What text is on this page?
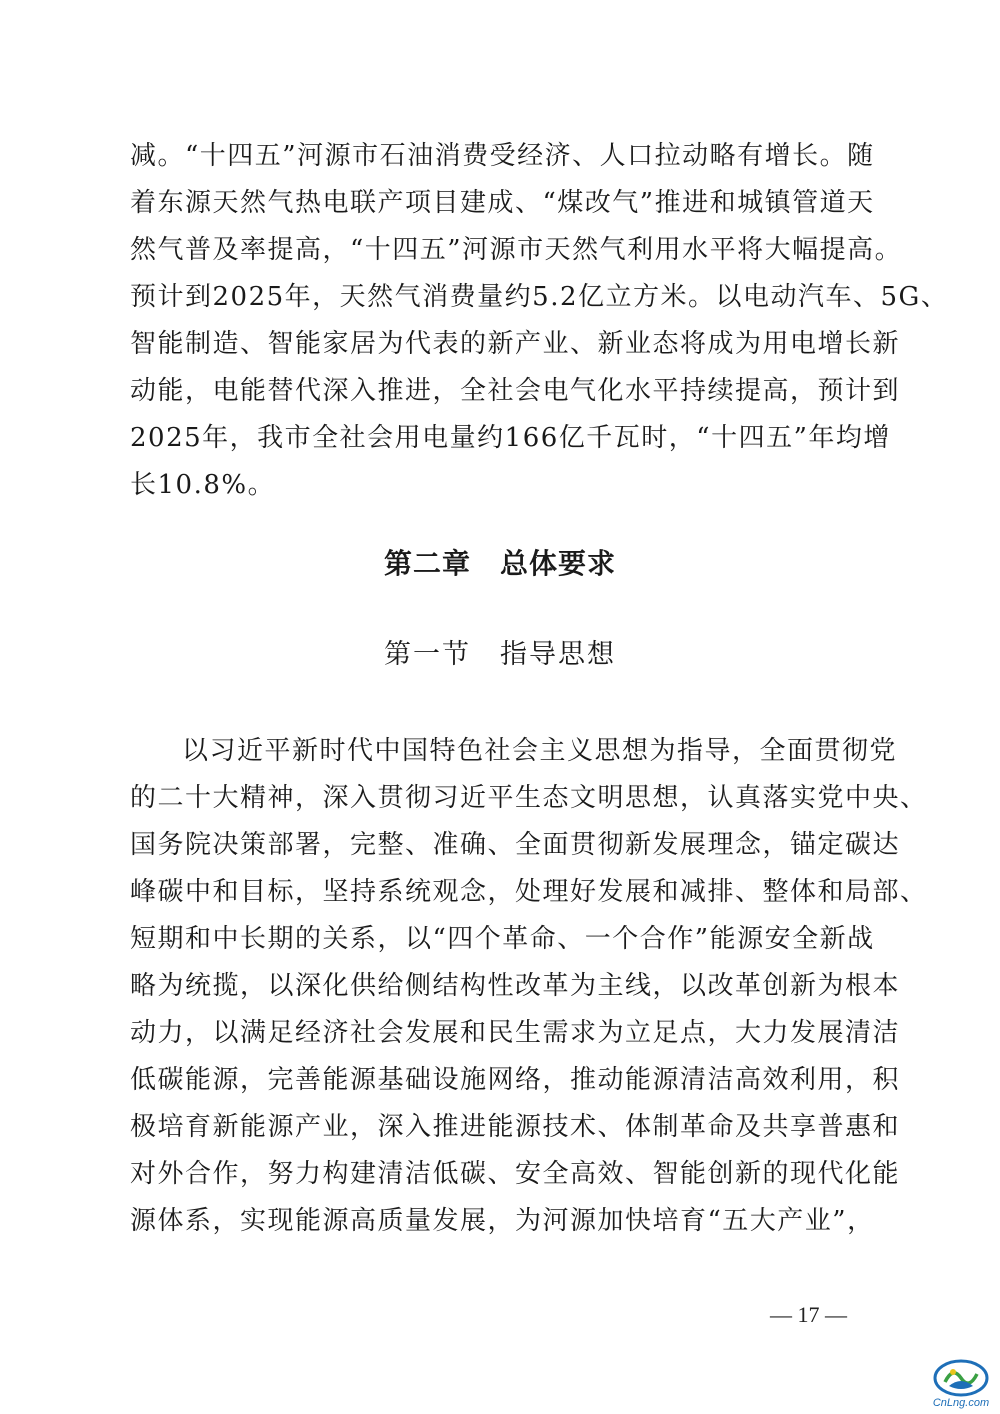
减。“十四五”河源市石油消费受经济、人口拉动略有增长。随
着东源天然气热电联产项目建成、“煤改气”推进和城镇管道天
然气普及率提高，“十四五”河源市天然气利用水平将大幅提高。
预计到2025年，天然气消费量约5.2亿立方米。以电动汽车、5G、
智能制造、智能家居为代表的新产业、新业态将成为用电增长新
动能，电能替代深入推进，全社会电气化水平持续提高，预计到
2025年，我市全社会用电量约166亿千瓦时，“十四五”年均增
长10.8%。
第二章　总体要求
第一节　指导思想
以习近平新时代中国特色社会主义思想为指导，全面贯彻党
的二十大精神，深入贯彻习近平生态文明思想，认真落实党中央、
国务院决策部署，完整、准确、全面贯彻新发展理念，锚定碳达
峰碳中和目标，坚持系统观念，处理好发展和减排、整体和局部、
短期和中长期的关系，以“四个革命、一个合作”能源安全新战
略为统揽，以深化供给侧结构性改革为主线，以改革创新为根本
动力，以满足经济社会发展和民生需求为立足点，大力发展清洁
低碳能源，完善能源基础设施网络，推动能源清洁高效利用，积
极培育新能源产业，深入推进能源技术、体制革命及共享普惠和
对外合作，努力构建清洁低碳、安全高效、智能创新的现代化能
源体系，实现能源高质量发展，为河源加快培育“五大产业”，
— 17 —
CnLng.com
